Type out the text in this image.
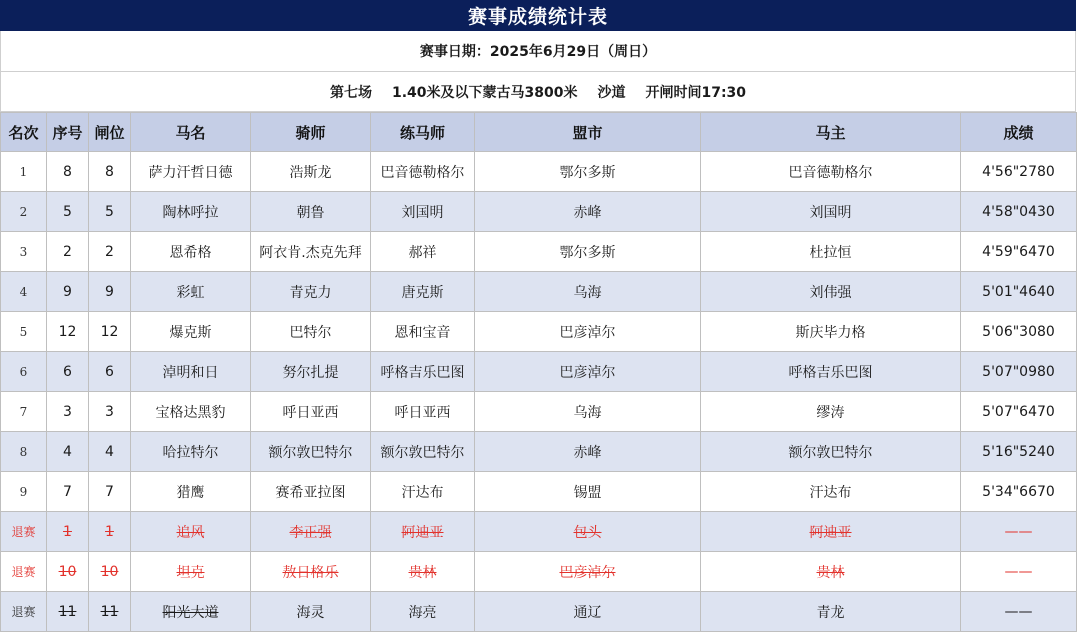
赛事成绩统计表
赛事日期：2025年6月29日（周日）
第七场 1.40米及以下蒙古马3800米 沙道 开闸时间17:30
名次	序号	闸位	马名	骑师	练马师	盟市	马主	成绩
1	8	8	萨力汗哲日德	浩斯龙	巴音德勒格尔	鄂尔多斯	巴音德勒格尔	4'56"2780
2	5	5	陶林呼拉	朝鲁	刘国明	赤峰	刘国明	4'58"0430
3	2	2	恩希格	阿衣肯.杰克先拜	郝祥	鄂尔多斯	杜拉恒	4'59"6470
4	9	9	彩虹	青克力	唐克斯	乌海	刘伟强	5'01"4640
5	12	12	爆克斯	巴特尔	恩和宝音	巴彦淖尔	斯庆毕力格	5'06"3080
6	6	6	淖明和日	努尔扎提	呼格吉乐巴图	巴彦淖尔	呼格吉乐巴图	5'07"0980
7	3	3	宝格达黑豹	呼日亚西	呼日亚西	乌海	缪涛	5'07"6470
8	4	4	哈拉特尔	额尔敦巴特尔	额尔敦巴特尔	赤峰	额尔敦巴特尔	5'16"5240
9	7	7	猎鹰	赛希亚拉图	汗达布	锡盟	汗达布	5'34"6670
退赛	1	1	追风	李正强	阿迪亚	包头	阿迪亚	——
退赛	10	10	坦克	敖日格乐	贵林	巴彦淖尔	贵林	——
退赛	11	11	阳光大道	海灵	海亮	通辽	青龙	——
